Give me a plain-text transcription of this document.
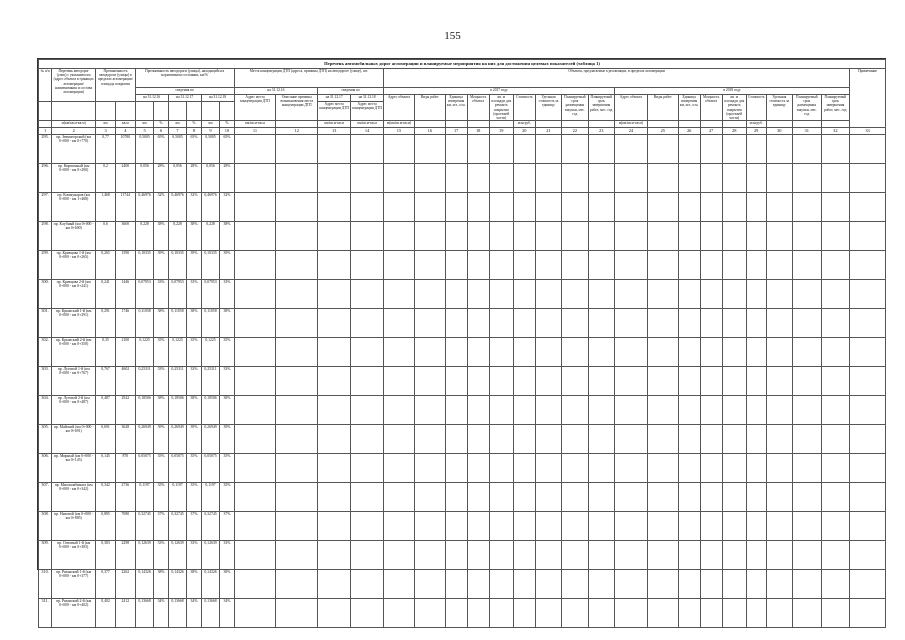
155
Перечень автомобильных дорог агломерации и планируемые мероприятия на них для достижения целевых показателей (таблица 1)																																
№ п/п	Перечень автодорог (улиц) с указанием км (адрес объекта в границах агломерации/наименования и состава агломерации)	Протяженность автодороги (улицы) в пределах агломерации/площадь покрытия		Протяженность автодороги (улицы), находящейся в нормативном состоянии, км/%						Места концентрации ДТП (адреса, причины ДТП) на автодороге (улице), шт.				Объекты, предлагаемые к реализации, в пределах агломерации																		Примечание
				сведения по						на 31.12.16		сведения по		в 2017 году									в 2018 году									
				на 31.12.16		на 31.12.17		на 31.12.18		Адрес места концентрации ДТП	Описание причины возникновения места концентрации ДТП	на 31.12.17	на 31.12.18	Адрес объекта	Виды работ	Единица измерения км, шт., п.м.	Мощность объекта	кв. м площади для ремонта покрытия (проезжей части)	Стоимость	Удельная стоимость за единицу	Планируемый срок размещения закупки, мес. год	Планируемый срок завершения работ, мес. год	Адрес объекта	Виды работ	Единица измерения км, шт., п.м.	Мощность объекта	кв. м площади для ремонта покрытия (проезжей части)	Стоимость	Удельная стоимость за единицу	Планируемый срок размещения закупки, мес. год	Планируемый срок завершения работ, мес. год	
												Адрес места концентрации ДТП	Адрес места концентрации ДТП																			
	м(км/кв.м-кв.м)	км	кв.м	км	%	км	%	км	%	км/кв.м-кв.м		км/кв.м-кв.м	км/кв.м-кв.м	м(км/кв.м-кв.м)					млн руб.				м(км/кв.м-кв.м)					млн руб.				
1	2	3	4	5	6	7	8	9	10	11	12	13	14	15	16	17	18	19	20	21	22	23	24	25	26	27	28	29	30	31	32	33
295.	пр. Звенигорский (км 0+000 - км 0+770)	0,77	10780	0,5005	65%	0,5005	65%	0,5005	65%																							
296.	пр. Кирпичный (км 0+000 - км 0+200)	0,2	2400	0,056	28%	0,056	28%	0,056	28%																							
297.	пр. Коммунаров (км 0+000 - км 1+468)	1,468	11744	0,46976	32%	0,46976	32%	0,46976	32%																							
298.	пр. Клубный (км 0+000 - км 0+600)	0,6	3600	0,228	38%	0,228	38%	0,228	38%																							
299.	пр. Кривцова 1-й (км 0+000 - км 0+265)	0,265	1590	0,10335	39%	0,10335	39%	0,10335	39%																							
300.	пр. Кривцова 2-й (км 0+000 - км 0+241)	0,241	1446	0,07953	33%	0,07953	33%	0,07953	33%																							
301.	пр. Крымский 1-й (км 0+000 - км 0+291)	0,291	1746	0,11058	38%	0,11058	38%	0,11058	38%																							
302.	пр. Крымский 2-й (км 0+000 - км 0+350)	0,35	2100	0,1225	35%	0,1225	35%	0,1225	35%																							
303.	пр. Луговой 1-й (км 0+000 - км 0+767)	0,767	4602	0,25311	33%	0,25311	33%	0,25311	33%																							
304.	пр. Луговой 2-й (км 0+000 - км 0+487)	0,487	2922	0,18506	38%	0,18506	38%	0,18506	38%																							
305.	пр. Майский (км 0+000 - км 0+691)	0,691	3628	0,26949	39%	0,26949	39%	0,26949	39%																							
306.	пр. Мирный (км 0+000 - км 0+145)	0,145	870	0,05075	35%	0,05075	35%	0,05075	35%																							
307.	пр. Мясокомбината (км 0+000 - км 0+342)	0,342	2736	0,1197	35%	0,1197	35%	0,1197	35%																							
308.	пр. Низовой (км 0+000 - км 0+885)	0,885	7080	0,32745	37%	0,32745	37%	0,32745	37%																							
309.	пр. Оптовый 1-й (км 0+000 - км 0+383)	0,383	2298	0,12639	33%	0,12639	33%	0,12639	33%																							
310.	пр. Рязанский 1-й (км 0+000 - км 0+377)	0,377	2262	0,14326	38%	0,14326	38%	0,14326	38%																							
311.	пр. Рязанский 2-й (км 0+000 - км 0+402)	0,402	2412	0,13668	34%	0,13668	34%	0,13668	34%																							
